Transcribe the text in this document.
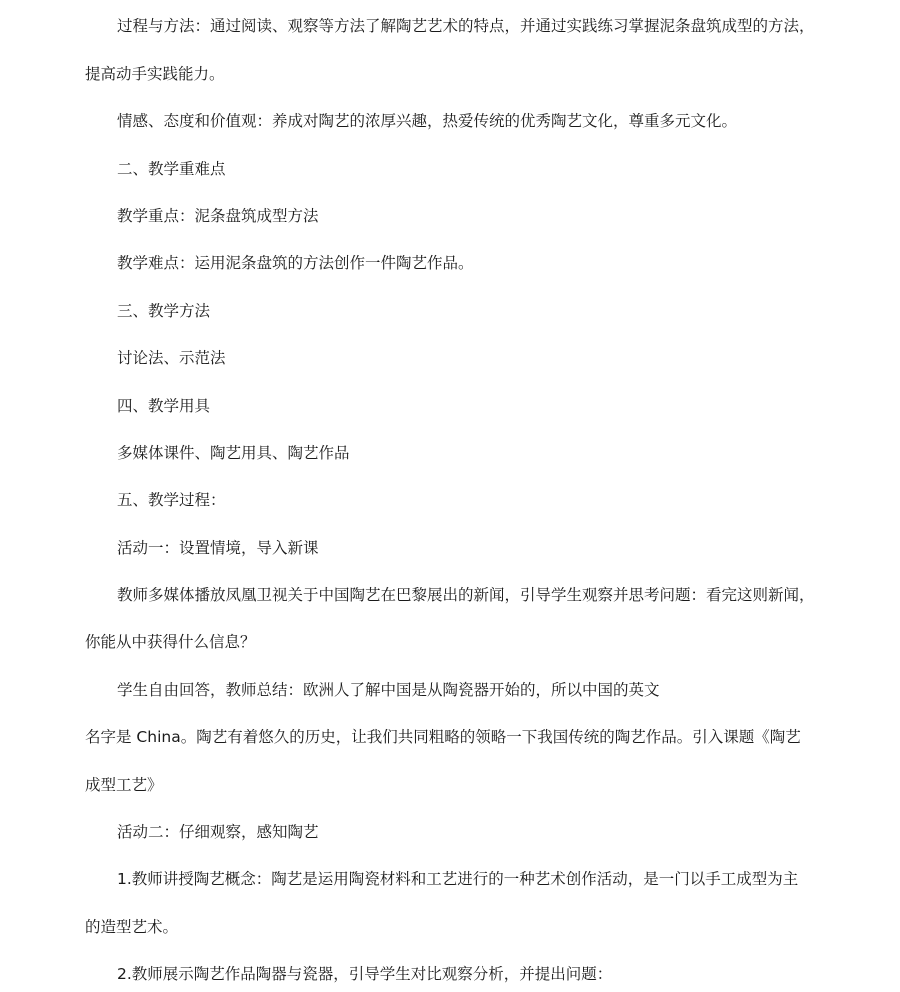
过程与方法：通过阅读、观察等方法了解陶艺艺术的特点，并通过实践练习掌握泥条盘筑成型的方法，
提高动手实践能力。
情感、态度和价值观：养成对陶艺的浓厚兴趣，热爱传统的优秀陶艺文化，尊重多元文化。
二、教学重难点
教学重点：泥条盘筑成型方法
教学难点：运用泥条盘筑的方法创作一件陶艺作品。
三、教学方法
讨论法、示范法
四、教学用具
多媒体课件、陶艺用具、陶艺作品
五、教学过程：
活动一：设置情境，导入新课
教师多媒体播放凤凰卫视关于中国陶艺在巴黎展出的新闻，引导学生观察并思考问题：看完这则新闻，
你能从中获得什么信息？
学生自由回答，教师总结：欧洲人了解中国是从陶瓷器开始的，所以中国的英文
名字是 China。陶艺有着悠久的历史，让我们共同粗略的领略一下我国传统的陶艺作品。引入课题《陶艺
成型工艺》
活动二：仔细观察，感知陶艺
1.教师讲授陶艺概念：陶艺是运用陶瓷材料和工艺进行的一种艺术创作活动，是一门以手工成型为主
的造型艺术。
2.教师展示陶艺作品陶器与瓷器，引导学生对比观察分析，并提出问题：
